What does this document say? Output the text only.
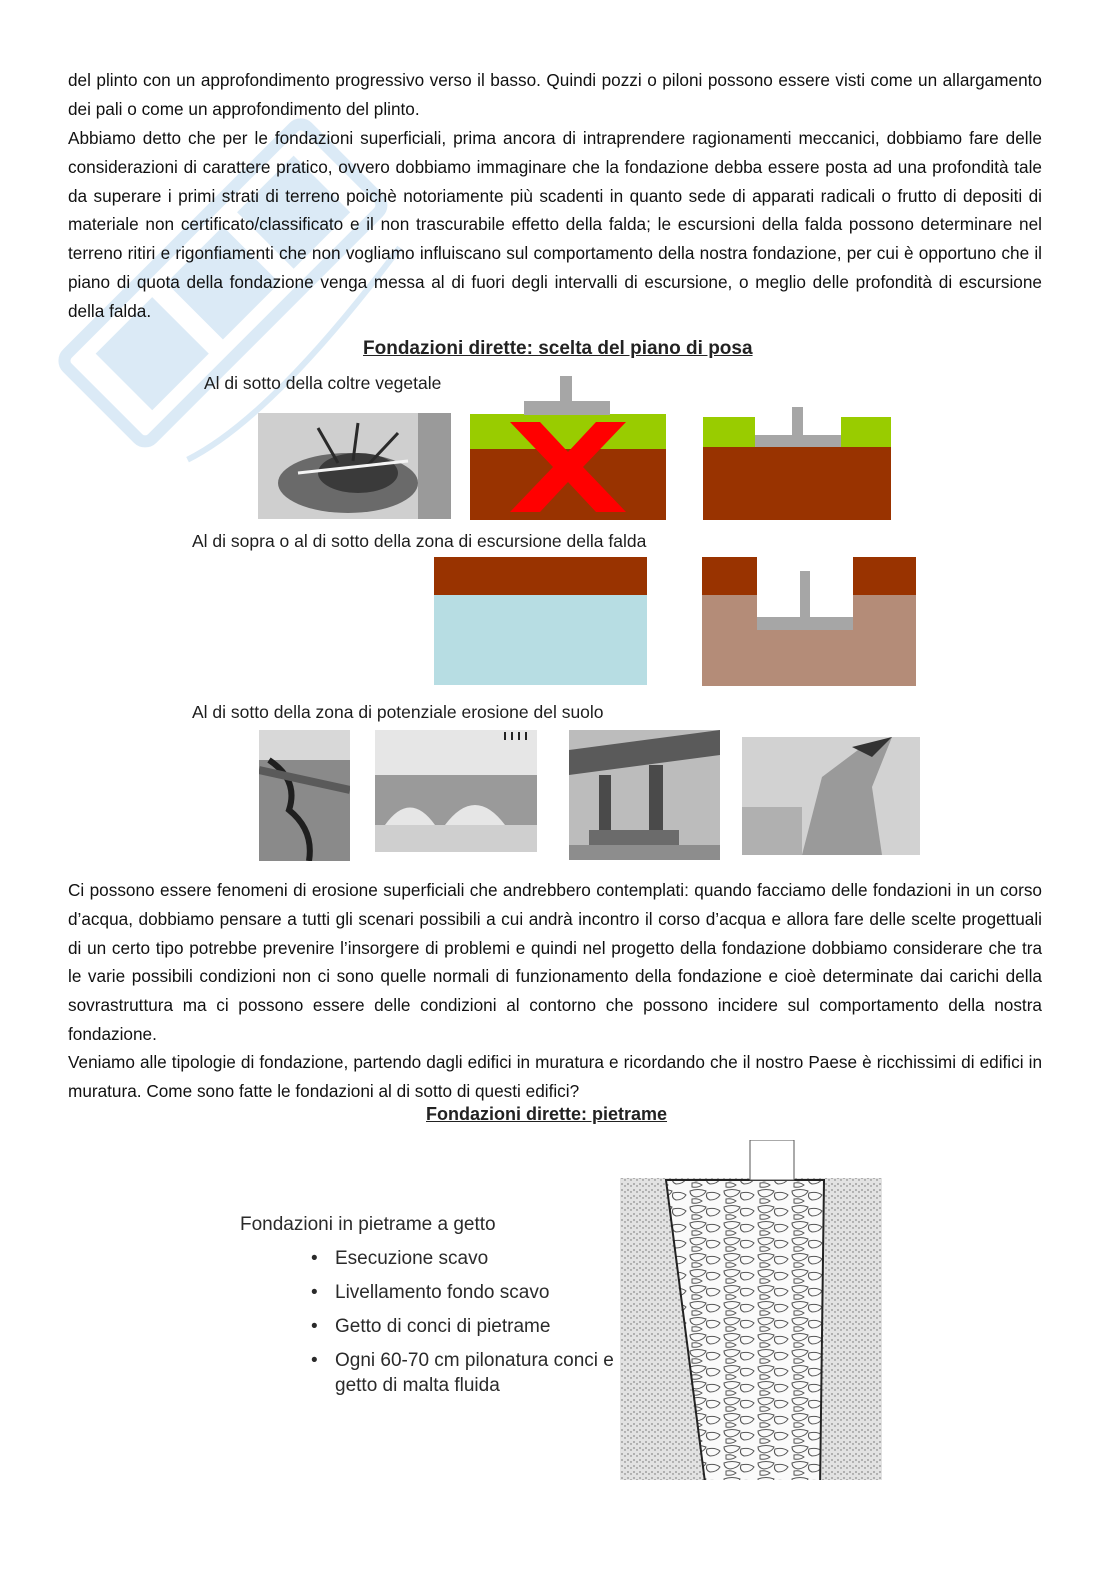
del plinto con un approfondimento progressivo verso il basso. Quindi pozzi o piloni possono essere visti come un allargamento dei pali o come un approfondimento del plinto.

Abbiamo detto che per le fondazioni superficiali, prima ancora di intraprendere ragionamenti meccanici, dobbiamo fare delle considerazioni di carattere pratico, ovvero dobbiamo immaginare che la fondazione debba essere posta ad una profondità tale da superare i primi strati di terreno poichè notoriamente più scadenti in quanto sede di apparati radicali o frutto di depositi di materiale non certificato/classificato e il non trascurabile effetto della falda; le escursioni della falda possono determinare nel terreno ritiri e rigonfiamenti che non vogliamo influiscano sul comportamento della nostra fondazione, per cui è opportuno che il piano di quota della fondazione venga messa al di fuori degli intervalli di escursione, o meglio delle profondità di escursione della falda.

Fondazioni dirette: scelta del piano di posa
Al di sotto della coltre vegetale
Al di sopra o al di sotto della zona di escursione della falda
Al di sotto della zona di potenziale erosione del suolo

Ci possono essere fenomeni di erosione superficiali che andrebbero contemplati: quando facciamo delle fondazioni in un corso d’acqua, dobbiamo pensare a tutti gli scenari possibili a cui andrà incontro il corso d’acqua e allora fare delle scelte progettuali di un certo tipo potrebbe prevenire l’insorgere di problemi e quindi nel progetto della fondazione dobbiamo considerare che tra le varie possibili condizioni non ci sono quelle normali di funzionamento della fondazione e cioè determinate dai carichi della sovrastruttura ma ci possono essere delle condizioni al contorno che possono incidere sul comportamento della nostra fondazione.

Veniamo alle tipologie di fondazione, partendo dagli edifici in muratura e ricordando che il nostro Paese è ricchissimi di edifici in muratura. Come sono fatte le fondazioni al di sotto di questi edifici?

Fondazioni dirette: pietrame
Fondazioni in pietrame a getto
• Esecuzione scavo
• Livellamento fondo scavo
• Getto di conci di pietrame
• Ogni 60-70 cm pilonatura conci e getto di malta fluida
